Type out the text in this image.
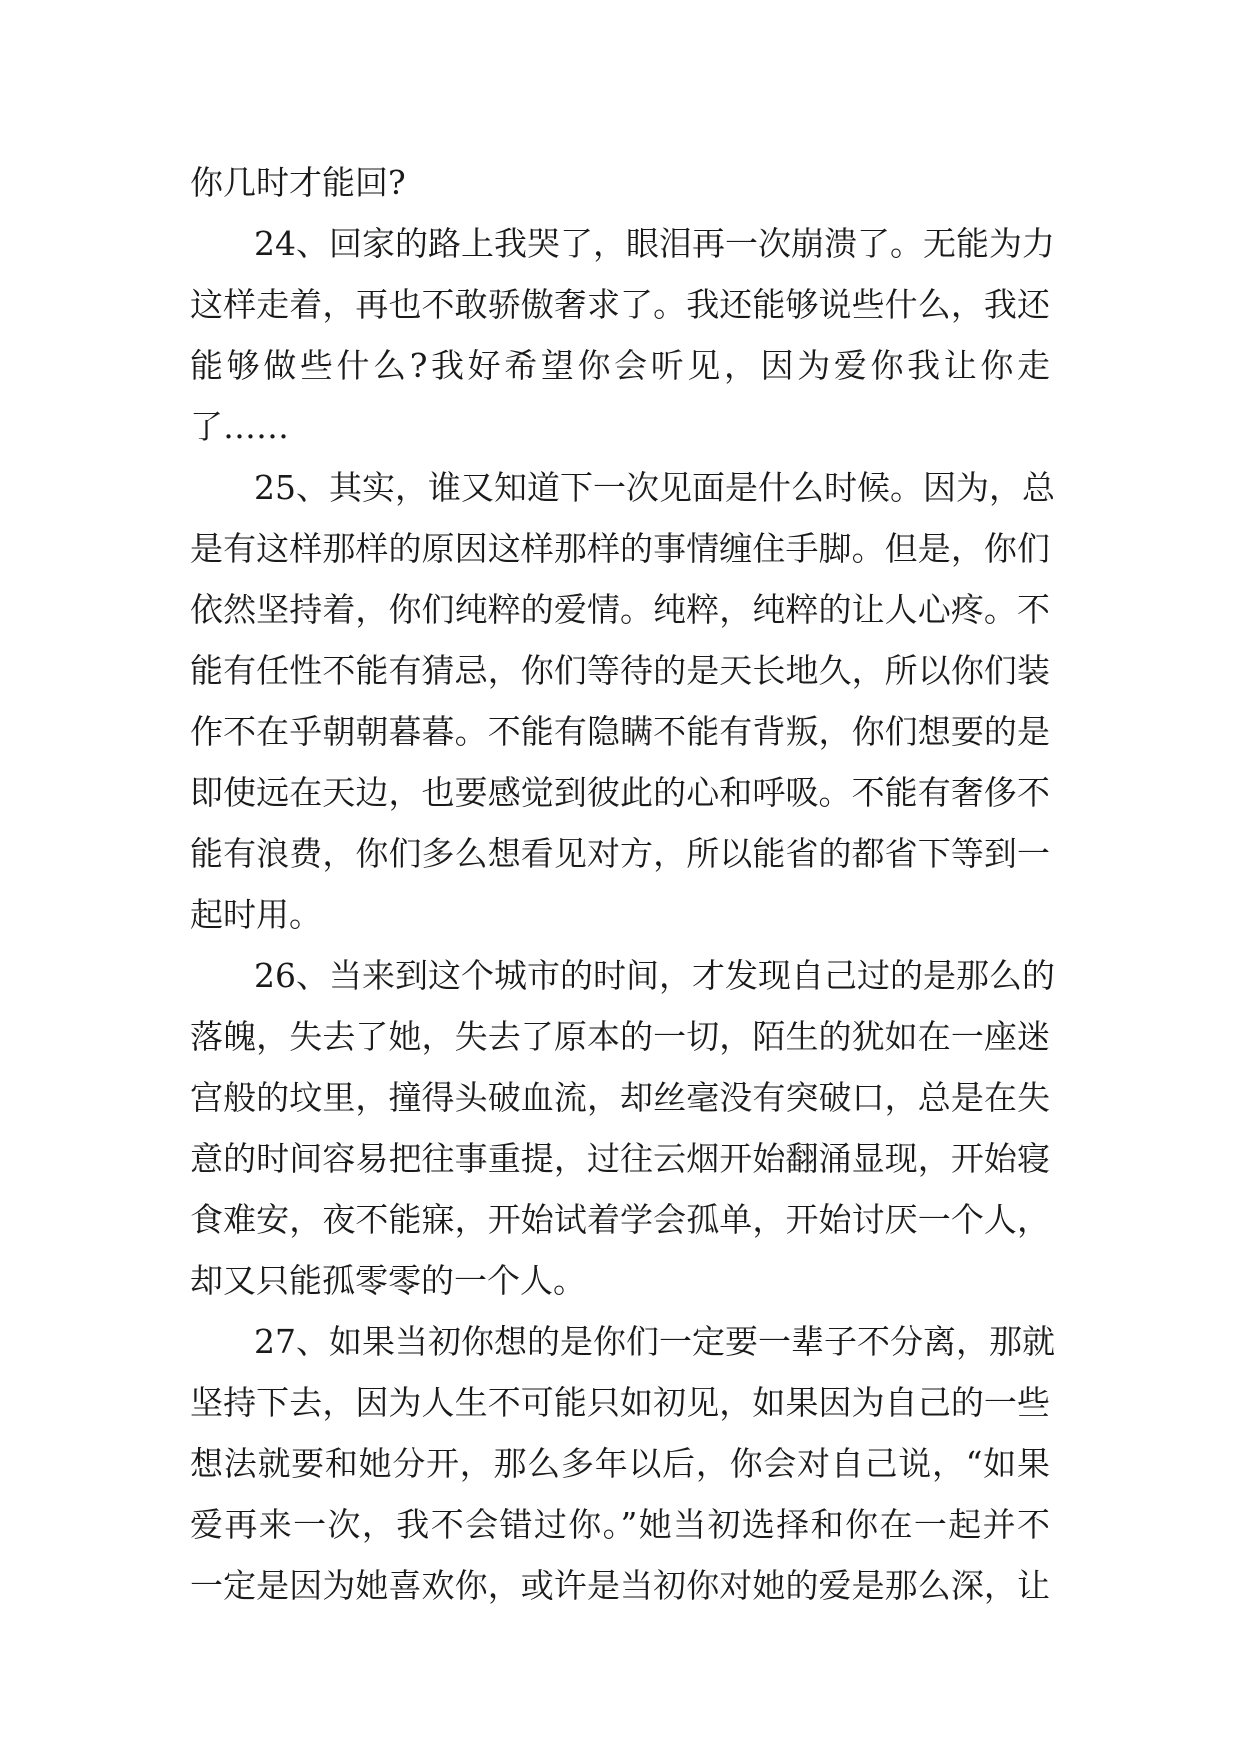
你几时才能回?
24、回家的路上我哭了，眼泪再一次崩溃了。无能为力
这样走着，再也不敢骄傲奢求了。我还能够说些什么，我还
能够做些什么?我好希望你会听见，因为爱你我让你走
了……
25、其实，谁又知道下一次见面是什么时候。因为，总
是有这样那样的原因这样那样的事情缠住手脚。但是，你们
依然坚持着，你们纯粹的爱情。纯粹，纯粹的让人心疼。不
能有任性不能有猜忌，你们等待的是天长地久，所以你们装
作不在乎朝朝暮暮。不能有隐瞒不能有背叛，你们想要的是
即使远在天边，也要感觉到彼此的心和呼吸。不能有奢侈不
能有浪费，你们多么想看见对方，所以能省的都省下等到一
起时用。
26、当来到这个城市的时间，才发现自己过的是那么的
落魄，失去了她，失去了原本的一切，陌生的犹如在一座迷
宫般的坟里，撞得头破血流，却丝毫没有突破口，总是在失
意的时间容易把往事重提，过往云烟开始翻涌显现，开始寝
食难安，夜不能寐，开始试着学会孤单，开始讨厌一个人，
却又只能孤零零的一个人。
27、如果当初你想的是你们一定要一辈子不分离，那就
坚持下去，因为人生不可能只如初见，如果因为自己的一些
想法就要和她分开，那么多年以后，你会对自己说，“如果
爱再来一次，我不会错过你。”她当初选择和你在一起并不
一定是因为她喜欢你，或许是当初你对她的爱是那么深，让
